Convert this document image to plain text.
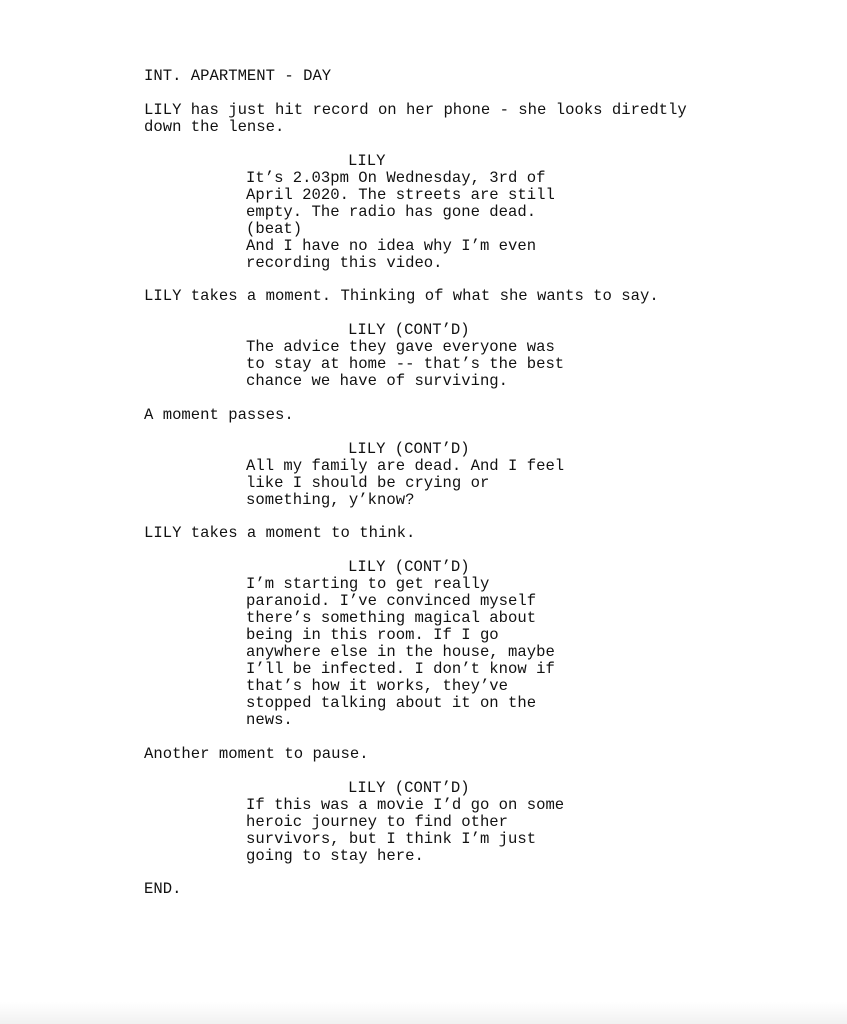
INT. APARTMENT - DAY
LILY has just hit record on her phone - she looks diredtly
down the lense.
LILY
It’s 2.03pm On Wednesday, 3rd of
April 2020. The streets are still
empty. The radio has gone dead.
(beat)
And I have no idea why I’m even
recording this video.
LILY takes a moment. Thinking of what she wants to say.
LILY (CONT’D)
The advice they gave everyone was
to stay at home -- that’s the best
chance we have of surviving.
A moment passes.
LILY (CONT’D)
All my family are dead. And I feel
like I should be crying or
something, y’know?
LILY takes a moment to think.
LILY (CONT’D)
I’m starting to get really
paranoid. I’ve convinced myself
there’s something magical about
being in this room. If I go
anywhere else in the house, maybe
I’ll be infected. I don’t know if
that’s how it works, they’ve
stopped talking about it on the
news.
Another moment to pause.
LILY (CONT’D)
If this was a movie I’d go on some
heroic journey to find other
survivors, but I think I’m just
going to stay here.
END.
